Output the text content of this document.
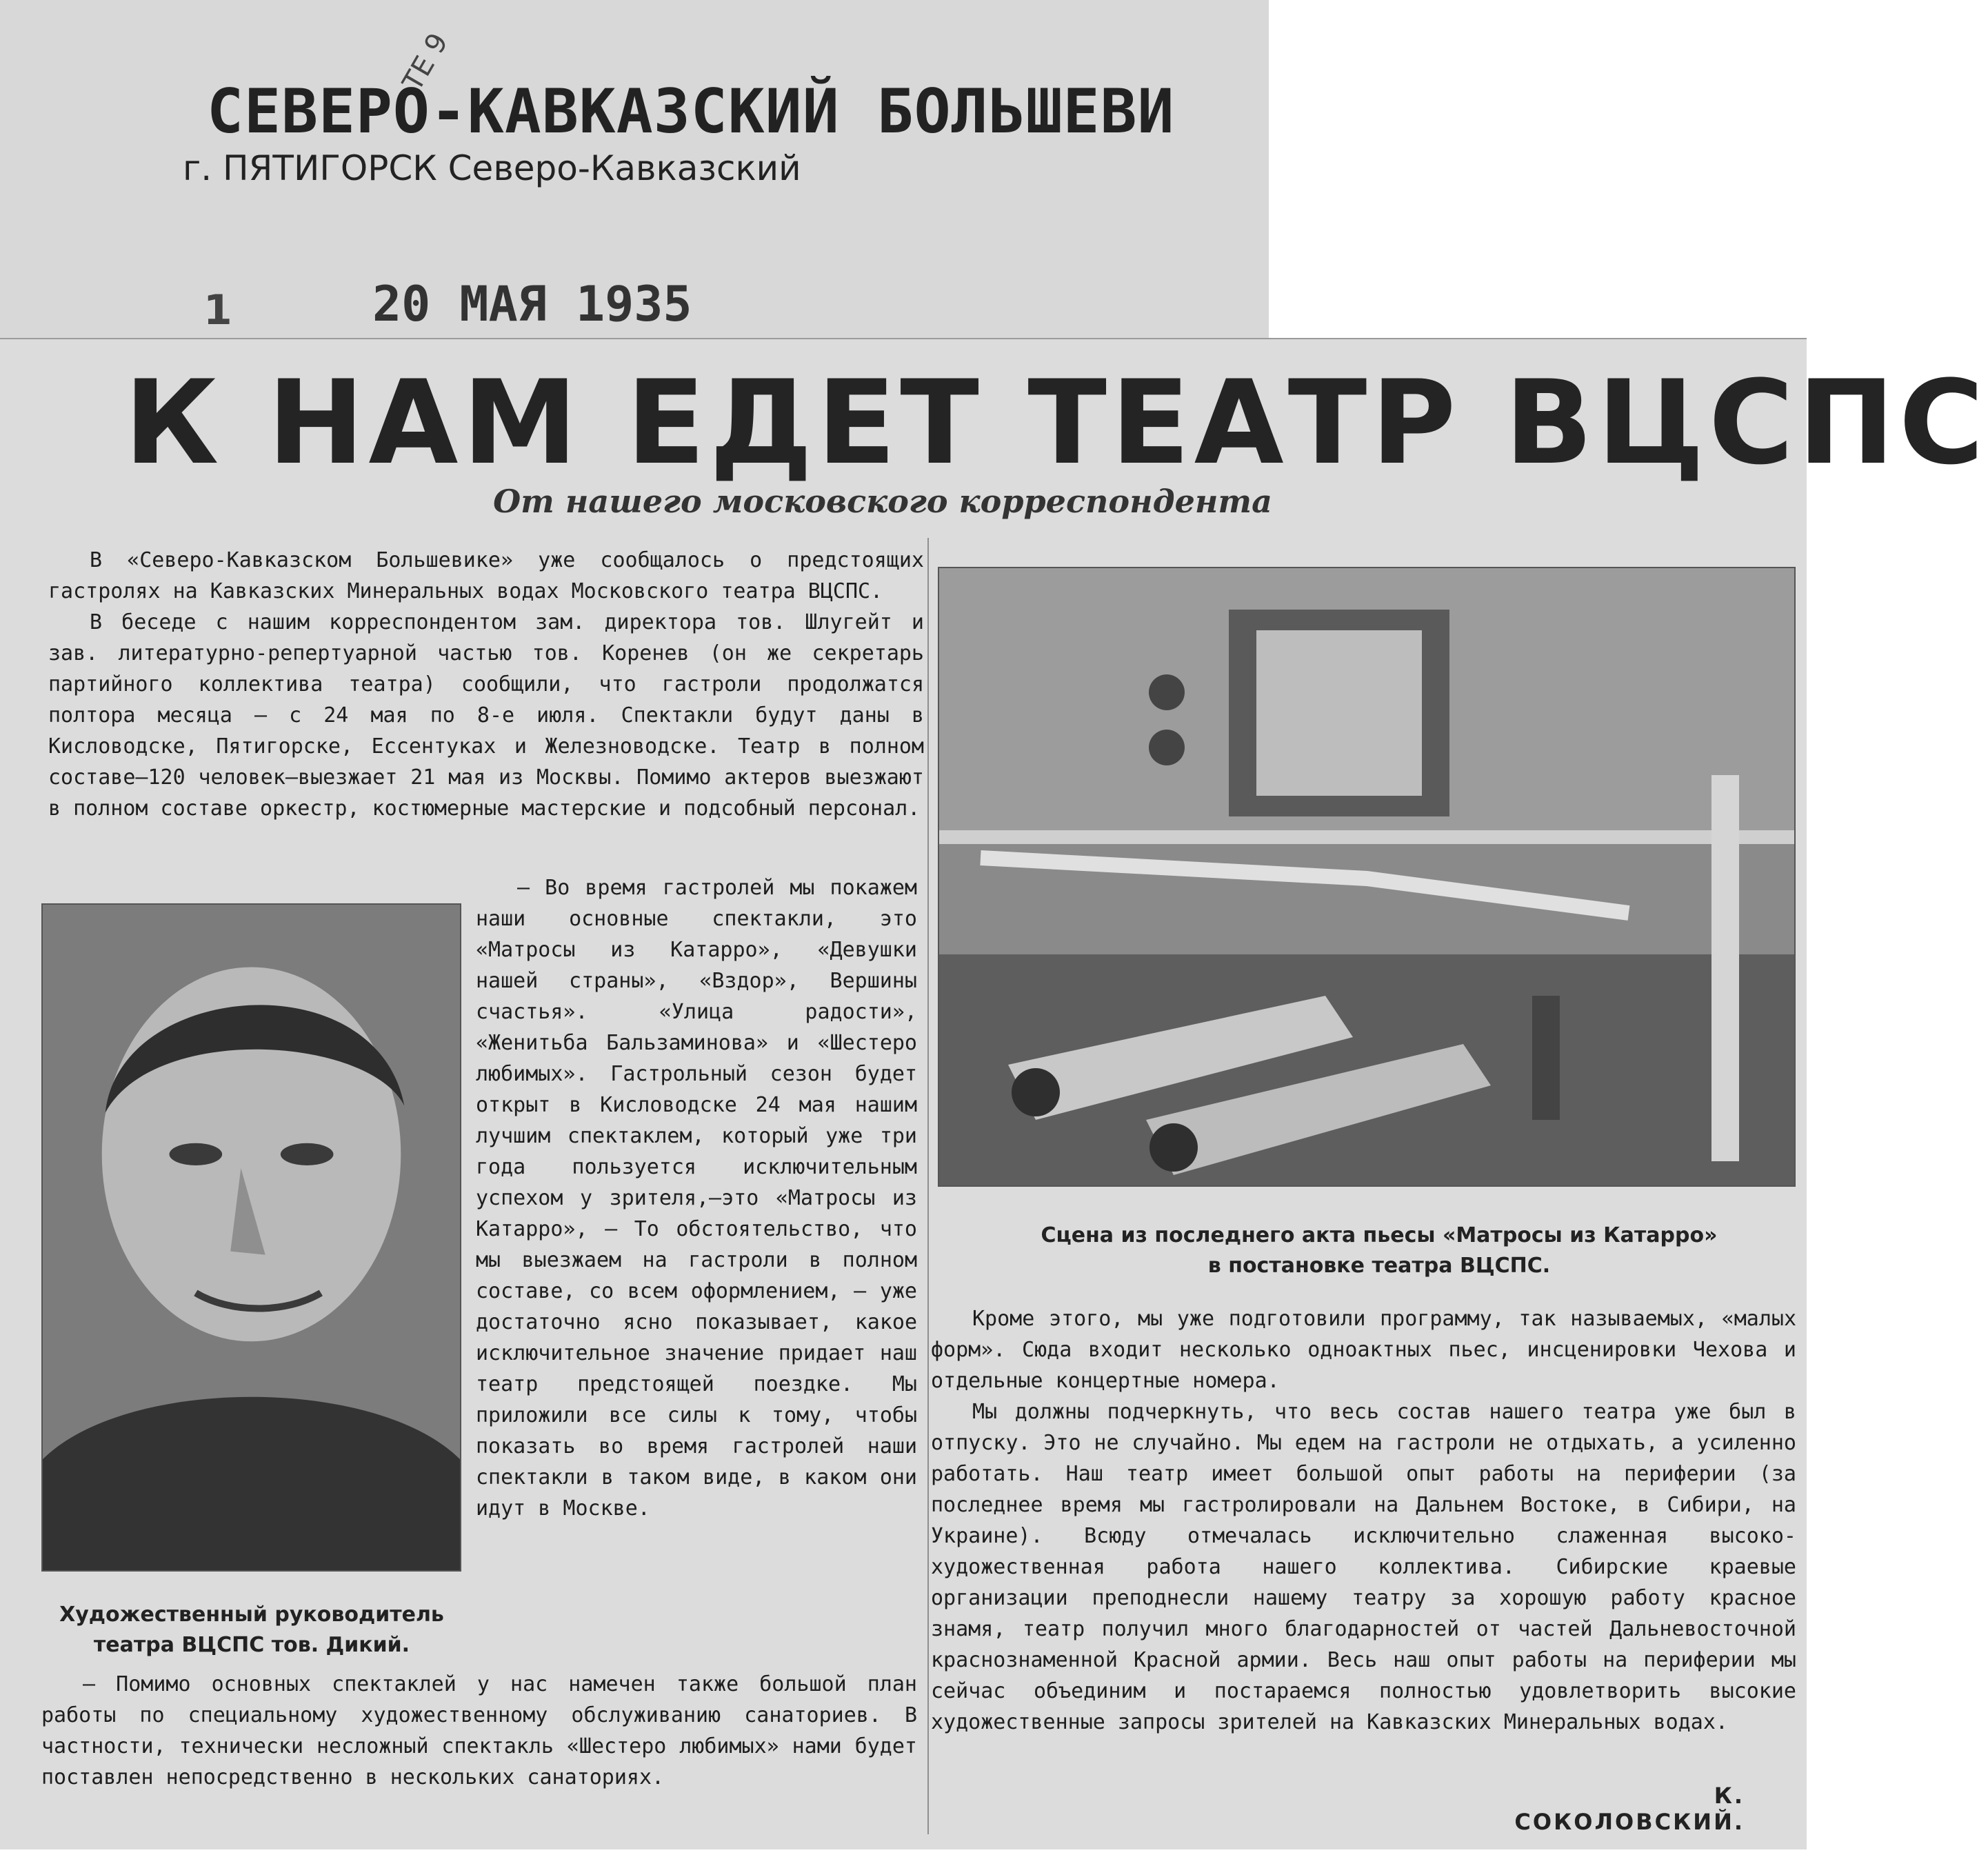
ТЕ 9
СЕВЕРО-КАВКАЗСКИЙ БОЛЬШЕВИ
г. ПЯТИГОРСК Северо-Кавказский
1	20 МАЯ 1935
К НАМ ЕДЕТ ТЕАТР ВЦСПС
От нашего московского корреспондента

В «Северо-Кавказском Большевике» уже сообщалось о предстоящих гастролях на Кавказских Минеральных водах Московского театра ВЦСПС.

В беседе с нашим корреспондентом зам. директора тов. Шлугейт и зав. литературно-репертуарной частью тов. Коренев (он же секретарь партийного коллектива театра) сообщили, что гастроли продолжатся полтора месяца — с 24 мая по 8-е июля. Спектакли будут даны в Кисловодске, Пятигорске, Ессентуках и Железноводске. Театр в полном составе—120 человек—выезжает 21 мая из Москвы. Помимо актеров выезжают в полном составе оркестр, костюмерные мастерские и подсобный персонал.

Художественный руководитель
театра ВЦСПС тов. Дикий.

— Во время гастролей мы покажем наши основные спектакли, это «Матросы из Катарро», «Девушки нашей страны», «Вздор», Вершины счастья». «Улица радости», «Женитьба Бальзаминова» и «Шестеро любимых». Гастрольный сезон будет открыт в Кисловодске 24 мая нашим лучшим спектаклем, который уже три года пользуется исключительным успехом у зрителя,—это «Матросы из Катарро», — То обстоятельство, что мы выезжаем на гастроли в полном составе, со всем оформлением, — уже достаточно ясно показывает, какое исключительное значение придает наш театр предстоящей поездке. Мы приложили все силы к тому, чтобы показать во время гастролей наши спектакли в таком виде, в каком они идут в Москве.

— Помимо основных спектаклей у нас намечен также большой план работы по специальному художественному обслуживанию санаториев. В частности, технически несложный спектакль «Шестеро любимых» нами будет поставлен непосредственно в нескольких санаториях.

Сцена из последнего акта пьесы «Матросы из Катарро»
в постановке театра ВЦСПС.

Кроме этого, мы уже подготовили программу, так называемых, «малых форм». Сюда входит несколько одноактных пьес, инсценировки Чехова и отдельные концертные номера.

Мы должны подчеркнуть, что весь состав нашего театра уже был в отпуску. Это не случайно. Мы едем на гастроли не отдыхать, а усиленно работать. Наш театр имеет большой опыт работы на периферии (за последнее время мы гастролировали на Дальнем Востоке, в Сибири, на Украине). Всюду отмечалась исключительно слаженная высоко-художественная работа нашего коллектива. Сибирские краевые организации преподнесли нашему театру за хорошую работу красное знамя, театр получил много благодарностей от частей Дальневосточной краснознаменной Красной армии. Весь наш опыт работы на периферии мы сейчас объединим и постараемся полностью удовлетворить высокие художественные запросы зрителей на Кавказских Минеральных водах.

К. СОКОЛОВСКИЙ.
